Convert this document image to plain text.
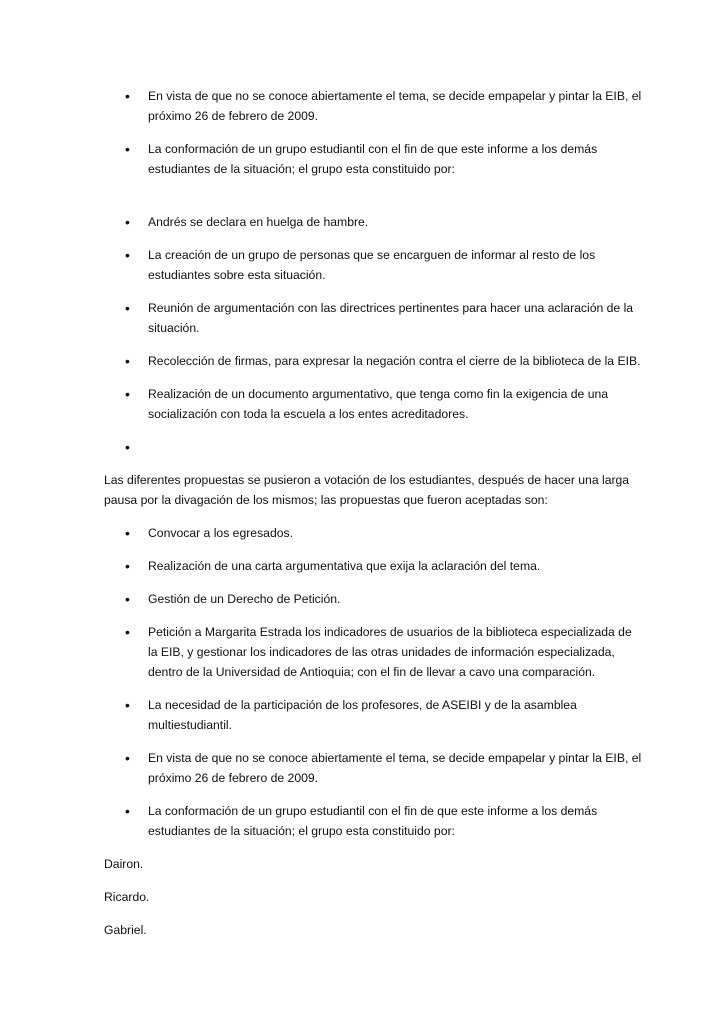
• En vista de que no se conoce abiertamente el tema, se decide empapelar y pintar la EIB, el próximo 26 de febrero de 2009.
• La conformación de un grupo estudiantil con el fin de que este informe a los demás estudiantes de la situación; el grupo esta constituido por:
• Andrés se declara en huelga de hambre.
• La creación de un grupo de personas que se encarguen de informar al resto de los estudiantes sobre esta situación.
• Reunión de argumentación con las directrices pertinentes para hacer una aclaración de la situación.
• Recolección de firmas, para expresar la negación contra el cierre de la biblioteca de la EIB.
• Realización de un documento argumentativo, que tenga como fin la exigencia de una socialización con toda la escuela a los entes acreditadores.
•

Las diferentes propuestas se pusieron a votación de los estudiantes, después de hacer una larga pausa por la divagación de los mismos; las propuestas que fueron aceptadas son:

• Convocar a los egresados.
• Realización de una carta argumentativa que exija la aclaración del tema.
• Gestión de un Derecho de Petición.
• Petición a Margarita Estrada los indicadores de usuarios de la biblioteca especializada de la EIB, y gestionar los indicadores de las otras unidades de información especializada, dentro de la Universidad de Antioquia; con el fin de llevar a cavo una comparación.
• La necesidad de la participación de los profesores, de ASEIBI y de la asamblea multiestudiantil.
• En vista de que no se conoce abiertamente el tema, se decide empapelar y pintar la EIB, el próximo 26 de febrero de 2009.
• La conformación de un grupo estudiantil con el fin de que este informe a los demás estudiantes de la situación; el grupo esta constituido por:

Dairon.

Ricardo.

Gabriel.
